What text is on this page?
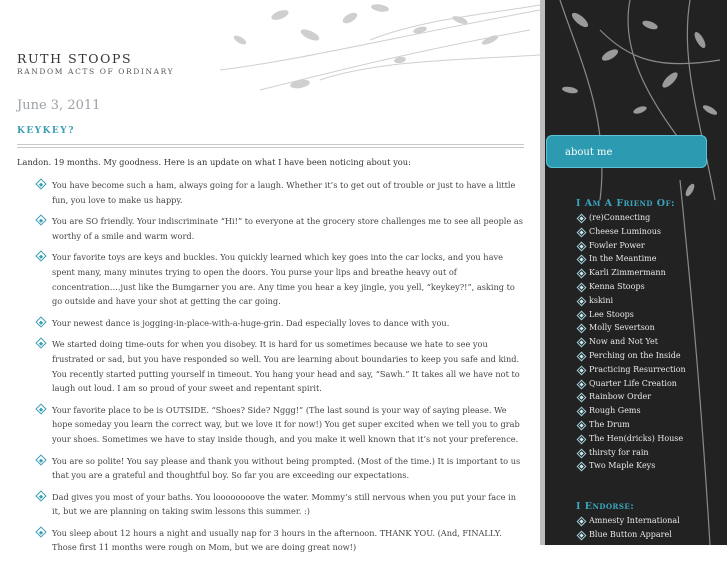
RUTH STOOPS
RANDOM ACTS OF ORDINARY
June 3, 2011
KEYKEY?
Landon. 19 months. My goodness. Here is an update on what I have been noticing about you:
You have become such a ham, always going for a laugh. Whether it’s to get out of trouble or just to have a little fun, you love to make us happy.
You are SO friendly. Your indiscriminate “Hi!” to everyone at the grocery store challenges me to see all people as worthy of a smile and warm word.
Your favorite toys are keys and buckles. You quickly learned which key goes into the car locks, and you have spent many, many minutes trying to open the doors. You purse your lips and breathe heavy out of concentration….just like the Bumgarner you are. Any time you hear a key jingle, you yell, “keykey?!”, asking to go outside and have your shot at getting the car going.
Your newest dance is jogging-in-place-with-a-huge-grin. Dad especially loves to dance with you.
We started doing time-outs for when you disobey. It is hard for us sometimes because we hate to see you frustrated or sad, but you have responded so well. You are learning about boundaries to keep you safe and kind. You recently started putting yourself in timeout. You hang your head and say, “Sawh.” It takes all we have not to laugh out loud. I am so proud of your sweet and repentant spirit.
Your favorite place to be is OUTSIDE. “Shoes? Side? Nggg!” (The last sound is your way of saying please. We hope someday you learn the correct way, but we love it for now!) You get super excited when we tell you to grab your shoes. Sometimes we have to stay inside though, and you make it well known that it’s not your preference.
You are so polite! You say please and thank you without being prompted. (Most of the time.) It is important to us that you are a grateful and thoughtful boy. So far you are exceeding our expectations.
Dad gives you most of your baths. You loooooooove the water. Mommy’s still nervous when you put your face in it, but we are planning on taking swim lessons this summer. :)
You sleep about 12 hours a night and usually nap for 3 hours in the afternoon. THANK YOU. (And, FINALLY. Those first 11 months were rough on Mom, but we are doing great now!)
about me
I Am A Friend Of:
(re)Connecting
Cheese Luminous
Fowler Power
In the Meantime
Karli Zimmermann
Kenna Stoops
kskini
Lee Stoops
Molly Severtson
Now and Not Yet
Perching on the Inside
Practicing Resurrection
Quarter Life Creation
Rainbow Order
Rough Gems
The Drum
The Hen(dricks) House
thirsty for rain
Two Maple Keys
I Endorse:
Amnesty International
Blue Button Apparel
